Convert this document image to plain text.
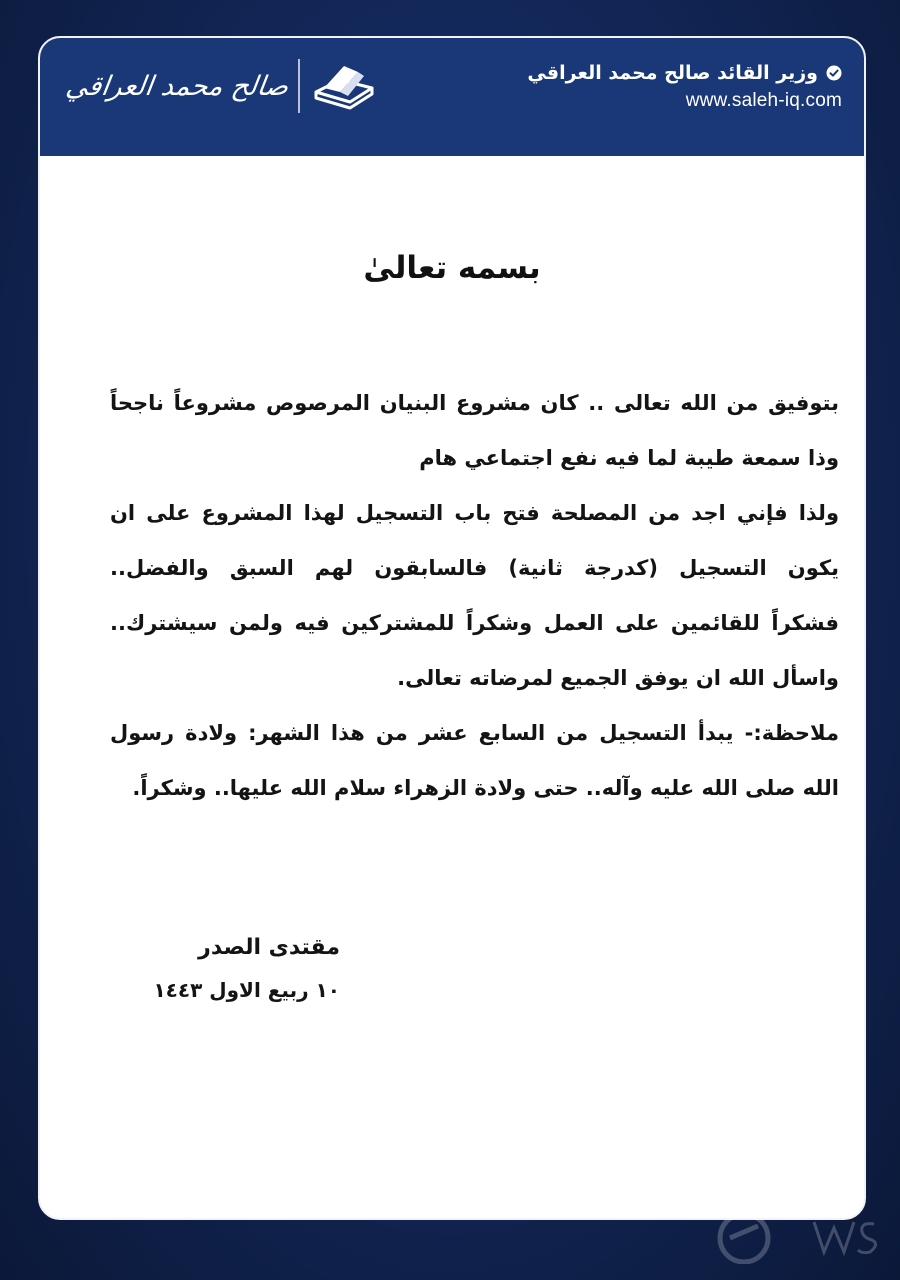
وزير القائد صالح محمد العراقي
www.saleh-iq.com
صالح محمد العراقي
بسمه تعالىٰ
بتوفيق من الله تعالى .. كان مشروع البنيان المرصوص مشروعاً ناجحاً
وذا سمعة طيبة لما فيه نفع اجتماعي هام
ولذا فإني اجد من المصلحة فتح باب التسجيل لهذا المشروع على ان
يكون التسجيل (كدرجة ثانية) فالسابقون لهم السبق والفضل..
فشكراً للقائمين على العمل وشكراً للمشتركين فيه ولمن سيشترك..
واسأل الله ان يوفق الجميع لمرضاته تعالى.
ملاحظة:- يبدأ التسجيل من السابع عشر من هذا الشهر: ولادة رسول
الله صلى الله عليه وآله.. حتى ولادة الزهراء سلام الله عليها.. وشكراً.
مقتدى الصدر
١٠ ربيع الاول ١٤٤٣
